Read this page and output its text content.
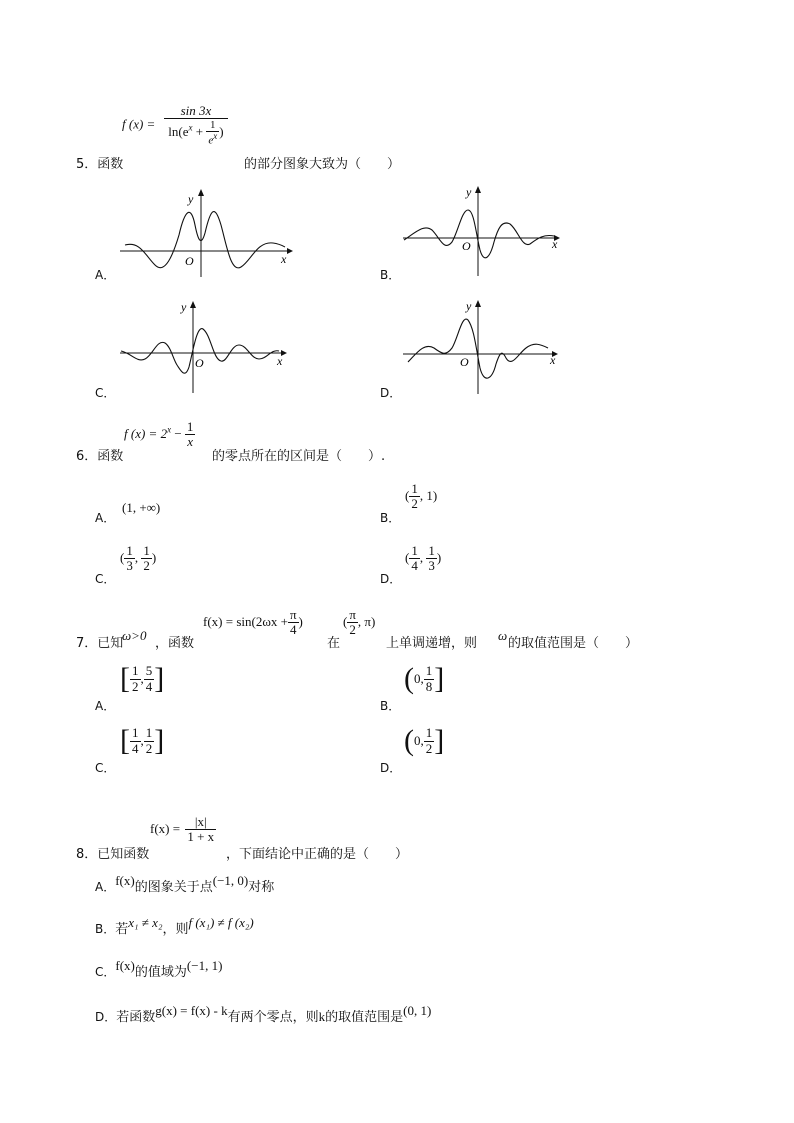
f $(x) = \frac{\sin 3x}{\ln(e^x + \frac{1}{e^x} )}$
5．函数	的部分图象大致为（　　）
A．
x
y
O
B．
x
y
O
C．
x
y
O
D．
x
y
O
f $(x) = 2^x - \frac{1}{x}$
6．函数	的零点所在的区间是（　　）.
A．
(1, +∞)
B．
( $\frac{1}{2}$ , 1)
C．
( $\frac{1}{3}$ , $\frac{1}{2}$ )
D．
( $\frac{1}{4}$ , $\frac{1}{3}$ )
7．已知
ω>0
，函数
$f(x) = \sin(2\omega x + \frac{\pi}{4}$ )
在
( $\frac{\pi}{2}$ , π)
上单调递增，则
ω
的取值范围是（　　）
A．
[ $\frac{1}{2}$ , $\frac{5}{4}$ ]
B．
( 0, $\frac{1}{8}$ ]
C．
[ $\frac{1}{4}$ , $\frac{1}{2}$ ]
D．
( 0, $\frac{1}{2}$ ]
$f(x) = \frac{|x|}{1 + x}$
8．已知函数	，下面结论中正确的是（　　）
A．f(x)的图象关于点(−1, 0)对称
B．若x₁ ≠ x₂，则f (x₁) ≠ f (x₂)
C．f(x)的值域为(−1, 1)
D．若函数g(x) = f(x) - k有两个零点，则k的取值范围是(0, 1)
